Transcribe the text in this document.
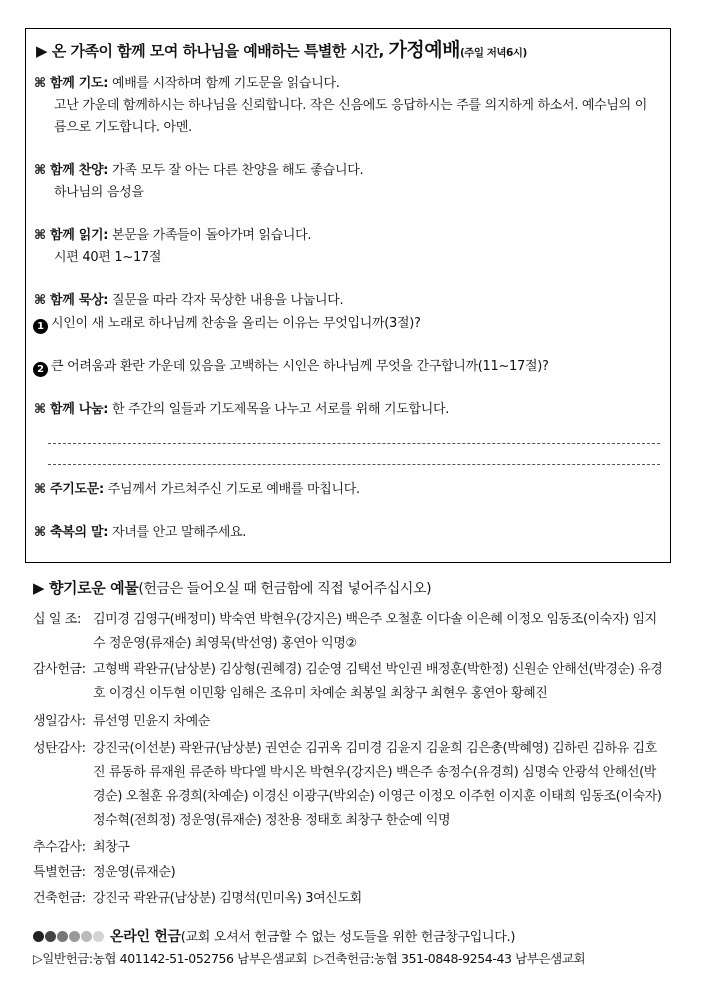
▶ 온 가족이 함께 모여 하나님을 예배하는 특별한 시간, 가정예배(주일 저녁6시)
⌘ 함께 기도: 예배를 시작하며 함께 기도문을 읽습니다.
고난 가운데 함께하시는 하나님을 신뢰합니다. 작은 신음에도 응답하시는 주를 의지하게 하소서. 예수님의 이름으로 기도합니다. 아멘.
⌘ 함께 찬양: 가족 모두 잘 아는 다른 찬양을 해도 좋습니다.
하나님의 음성을
⌘ 함께 읽기: 본문을 가족들이 돌아가며 읽습니다.
시편 40편 1~17절
⌘ 함께 묵상: 질문을 따라 각자 묵상한 내용을 나눕니다.
1 시인이 새 노래로 하나님께 찬송을 올리는 이유는 무엇입니까(3절)?
2 큰 어려움과 환란 가운데 있음을 고백하는 시인은 하나님께 무엇을 간구합니까(11~17절)?
⌘ 함께 나눔: 한 주간의 일들과 기도제목을 나누고 서로를 위해 기도합니다.
⌘ 주기도문: 주님께서 가르쳐주신 기도로 예배를 마칩니다.
⌘ 축복의 말: 자녀를 안고 말해주세요.
▶ 향기로운 예물(헌금은 들어오실 때 헌금함에 직접 넣어주십시오)
십 일 조: 김미경 김영구(배정미) 박숙연 박현우(강지은) 백은주 오철훈 이다솔 이은혜 이정오 임동조(이숙자) 임지수 정운영(류재순) 최영묵(박선영) 홍연아 익명②
감사헌금: 고형백 곽완규(남상분) 김상형(권혜경) 김순영 김택선 박인권 배정훈(박한정) 신원순 안해선(박경순) 유경호 이경신 이두현 이민황 임해은 조유미 차예순 최봉일 최창구 최현우 홍연아 황혜진
생일감사: 류선영 민윤지 차예순
성탄감사: 강진국(이선분) 곽완규(남상분) 권연순 김귀옥 김미경 김윤지 김윤희 김은총(박혜영) 김하린 김하유 김호진 류동하 류재원 류준하 박다엘 박시온 박현우(강지은) 백은주 송정수(유경희) 심명숙 안광석 안해선(박경순) 오철훈 유경희(차예순) 이경신 이광구(박외순) 이영근 이정오 이주헌 이지훈 이태희 임동조(이숙자) 정수혁(전희정) 정운영(류재순) 정찬용 정태호 최창구 한순예 익명
추수감사: 최창구
특별헌금: 정운영(류재순)
건축헌금: 강진국 곽완규(남상분) 김명석(민미옥) 3여신도회
온라인 헌금(교회 오셔서 헌금할 수 없는 성도들을 위한 헌금창구입니다.)
▷일반헌금:농협 401142-51-052756 남부은샘교회 ▷건축헌금:농협 351-0848-9254-43 남부은샘교회
